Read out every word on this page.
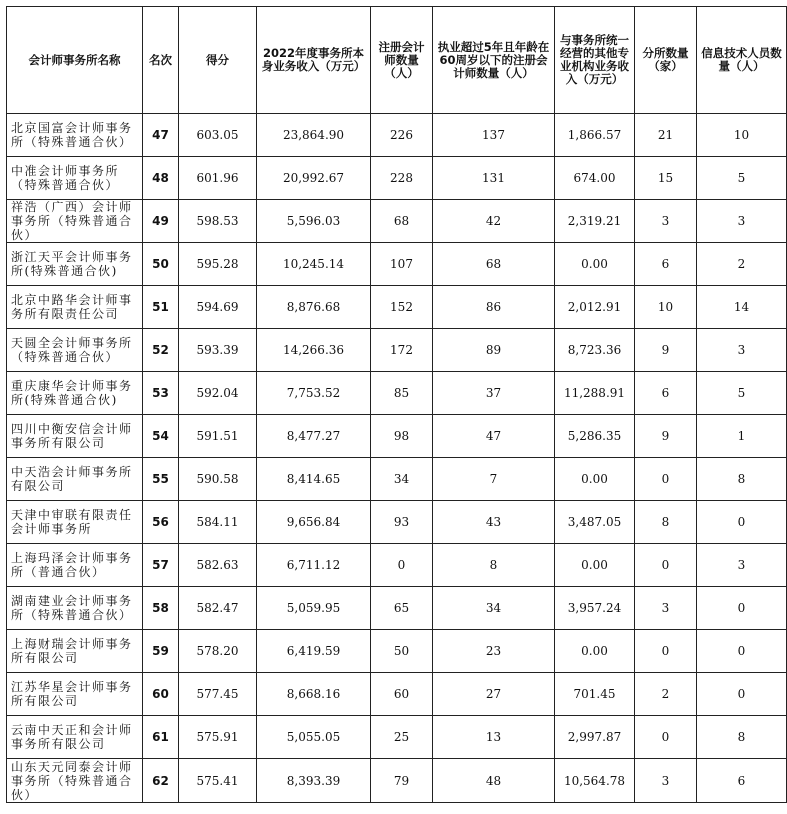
会计师事务所名称	名次	得分	2022年度事务所本身业务收入（万元）	注册会计师数量（人）	执业超过5年且年龄在60周岁以下的注册会计师数量（人）	与事务所统一经营的其他专业机构业务收入（万元）	分所数量（家）	信息技术人员数量（人）
北京国富会计师事务所（特殊普通合伙）	47	603.05	23,864.90	226	137	1,866.57	21	10
中准会计师事务所（特殊普通合伙）	48	601.96	20,992.67	228	131	674.00	15	5
祥浩（广西）会计师事务所（特殊普通合伙）	49	598.53	5,596.03	68	42	2,319.21	3	3
浙江天平会计师事务所(特殊普通合伙)	50	595.28	10,245.14	107	68	0.00	6	2
北京中路华会计师事务所有限责任公司	51	594.69	8,876.68	152	86	2,012.91	10	14
天圆全会计师事务所（特殊普通合伙）	52	593.39	14,266.36	172	89	8,723.36	9	3
重庆康华会计师事务所(特殊普通合伙)	53	592.04	7,753.52	85	37	11,288.91	6	5
四川中衡安信会计师事务所有限公司	54	591.51	8,477.27	98	47	5,286.35	9	1
中天浩会计师事务所有限公司	55	590.58	8,414.65	34	7	0.00	0	8
天津中审联有限责任会计师事务所	56	584.11	9,656.84	93	43	3,487.05	8	0
上海玛泽会计师事务所（普通合伙）	57	582.63	6,711.12	0	8	0.00	0	3
湖南建业会计师事务所（特殊普通合伙）	58	582.47	5,059.95	65	34	3,957.24	3	0
上海财瑞会计师事务所有限公司	59	578.20	6,419.59	50	23	0.00	0	0
江苏华星会计师事务所有限公司	60	577.45	8,668.16	60	27	701.45	2	0
云南中天正和会计师事务所有限公司	61	575.91	5,055.05	25	13	2,997.87	0	8
山东天元同泰会计师事务所（特殊普通合伙）	62	575.41	8,393.39	79	48	10,564.78	3	6
